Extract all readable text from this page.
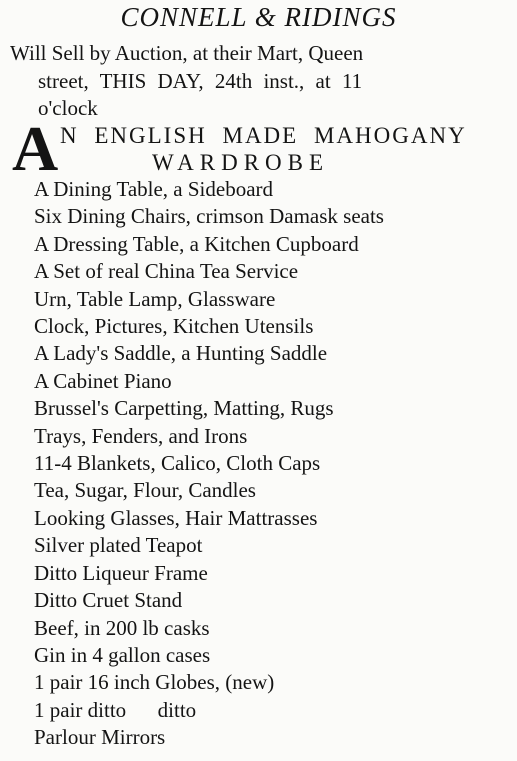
CONNELL & RIDINGS
Will Sell by Auction, at their Mart, Queen
street, THIS DAY, 24th inst., at 11
o'clock
A N ENGLISH MADE MAHOGANY
WARDROBE
A Dining Table, a Sideboard
Six Dining Chairs, crimson Damask seats
A Dressing Table, a Kitchen Cupboard
A Set of real China Tea Service
Urn, Table Lamp, Glassware
Clock, Pictures, Kitchen Utensils
A Lady's Saddle, a Hunting Saddle
A Cabinet Piano
Brussel's Carpetting, Matting, Rugs
Trays, Fenders, and Irons
11-4 Blankets, Calico, Cloth Caps
Tea, Sugar, Flour, Candles
Looking Glasses, Hair Mattrasses
Silver plated Teapot
Ditto Liqueur Frame
Ditto Cruet Stand
Beef, in 200 lb casks
Gin in 4 gallon cases
1 pair 16 inch Globes, (new)
1 pair ditto      ditto
Parlour Mirrors
